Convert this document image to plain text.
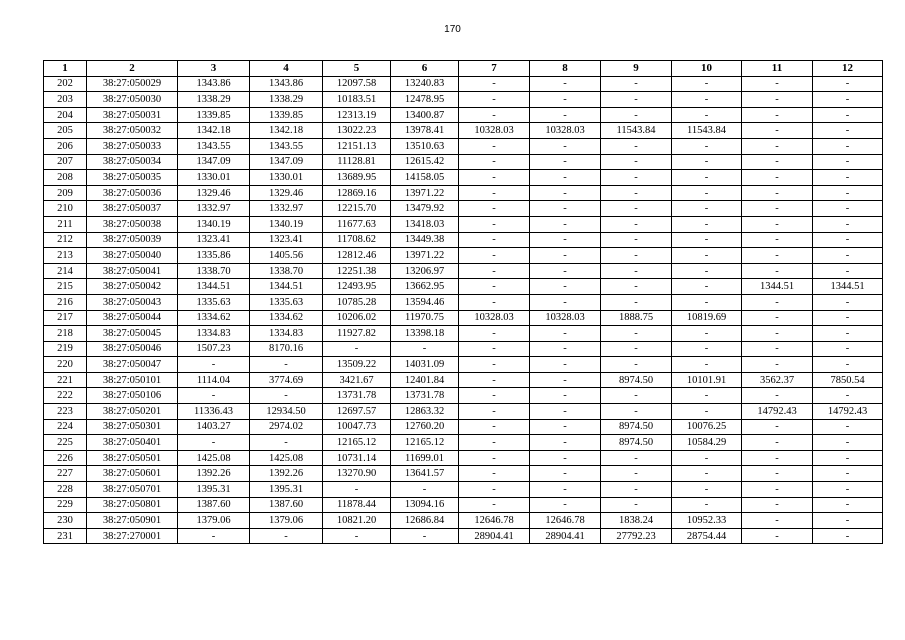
170
1	2	3	4	5	6	7	8	9	10	11	12
202	38:27:050029	1343.86	1343.86	12097.58	13240.83	-	-	-	-	-	-
203	38:27:050030	1338.29	1338.29	10183.51	12478.95	-	-	-	-	-	-
204	38:27:050031	1339.85	1339.85	12313.19	13400.87	-	-	-	-	-	-
205	38:27:050032	1342.18	1342.18	13022.23	13978.41	10328.03	10328.03	11543.84	11543.84	-	-
206	38:27:050033	1343.55	1343.55	12151.13	13510.63	-	-	-	-	-	-
207	38:27:050034	1347.09	1347.09	11128.81	12615.42	-	-	-	-	-	-
208	38:27:050035	1330.01	1330.01	13689.95	14158.05	-	-	-	-	-	-
209	38:27:050036	1329.46	1329.46	12869.16	13971.22	-	-	-	-	-	-
210	38:27:050037	1332.97	1332.97	12215.70	13479.92	-	-	-	-	-	-
211	38:27:050038	1340.19	1340.19	11677.63	13418.03	-	-	-	-	-	-
212	38:27:050039	1323.41	1323.41	11708.62	13449.38	-	-	-	-	-	-
213	38:27:050040	1335.86	1405.56	12812.46	13971.22	-	-	-	-	-	-
214	38:27:050041	1338.70	1338.70	12251.38	13206.97	-	-	-	-	-	-
215	38:27:050042	1344.51	1344.51	12493.95	13662.95	-	-	-	-	1344.51	1344.51
216	38:27:050043	1335.63	1335.63	10785.28	13594.46	-	-	-	-	-	-
217	38:27:050044	1334.62	1334.62	10206.02	11970.75	10328.03	10328.03	1888.75	10819.69	-	-
218	38:27:050045	1334.83	1334.83	11927.82	13398.18	-	-	-	-	-	-
219	38:27:050046	1507.23	8170.16	-	-	-	-	-	-	-	-
220	38:27:050047	-	-	13509.22	14031.09	-	-	-	-	-	-
221	38:27:050101	1114.04	3774.69	3421.67	12401.84	-	-	8974.50	10101.91	3562.37	7850.54
222	38:27:050106	-	-	13731.78	13731.78	-	-	-	-	-	-
223	38:27:050201	11336.43	12934.50	12697.57	12863.32	-	-	-	-	14792.43	14792.43
224	38:27:050301	1403.27	2974.02	10047.73	12760.20	-	-	8974.50	10076.25	-	-
225	38:27:050401	-	-	12165.12	12165.12	-	-	8974.50	10584.29	-	-
226	38:27:050501	1425.08	1425.08	10731.14	11699.01	-	-	-	-	-	-
227	38:27:050601	1392.26	1392.26	13270.90	13641.57	-	-	-	-	-	-
228	38:27:050701	1395.31	1395.31	-	-	-	-	-	-	-	-
229	38:27:050801	1387.60	1387.60	11878.44	13094.16	-	-	-	-	-	-
230	38:27:050901	1379.06	1379.06	10821.20	12686.84	12646.78	12646.78	1838.24	10952.33	-	-
231	38:27:270001	-	-	-	-	28904.41	28904.41	27792.23	28754.44	-	-
